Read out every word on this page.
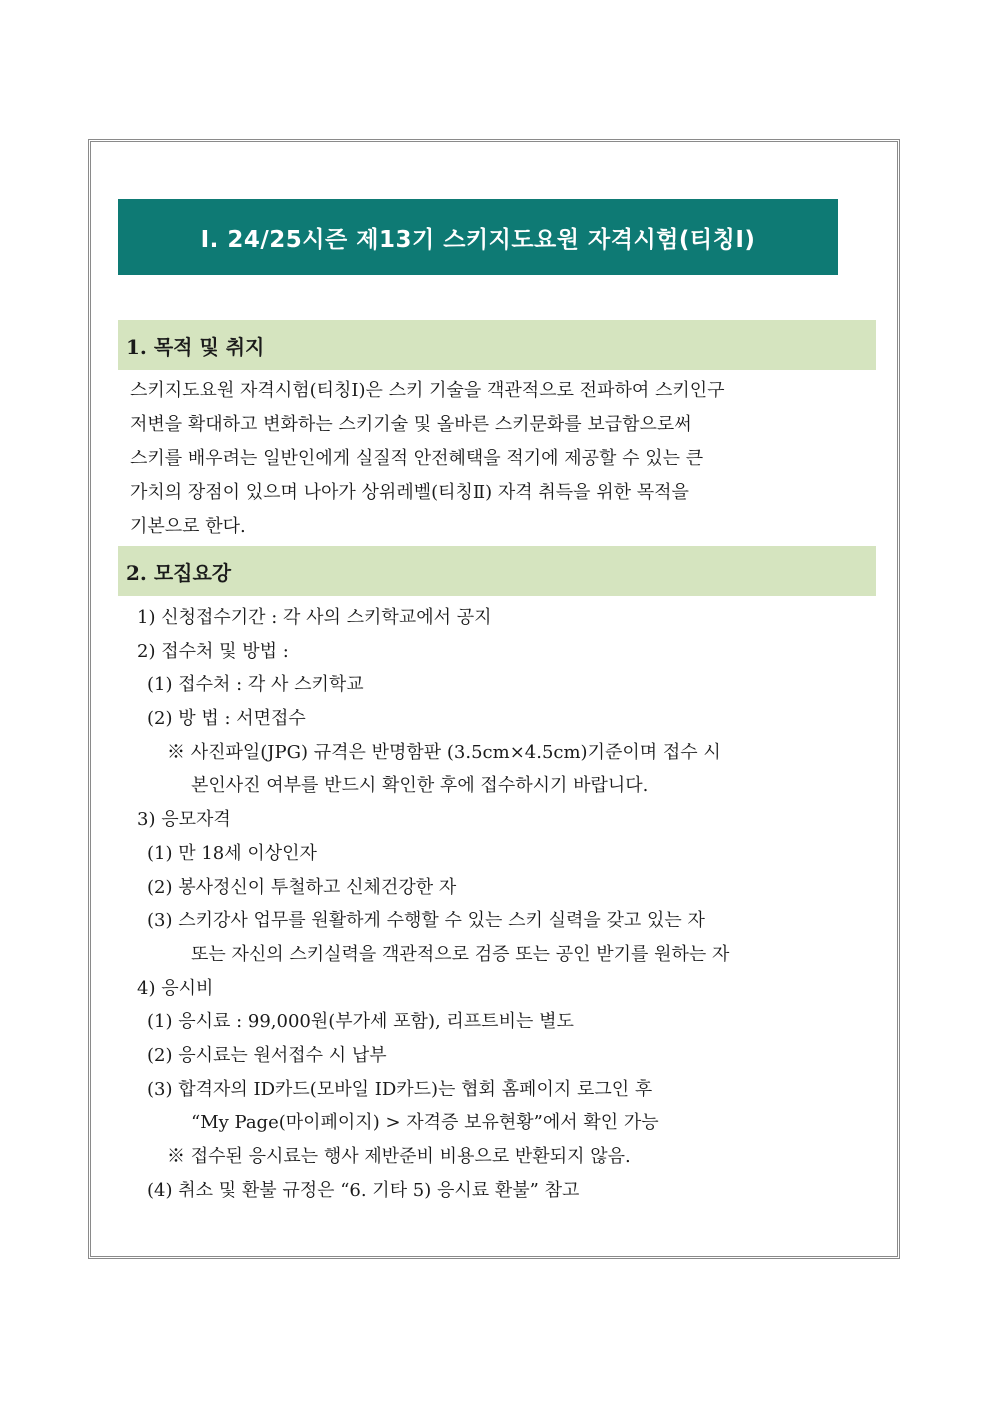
Ⅰ. 24/25시즌 제13기 스키지도요원 자격시험(티칭Ⅰ)
1. 목적 및 취지
스키지도요원 자격시험(티칭Ⅰ)은 스키 기술을 객관적으로 전파하여 스키인구
저변을 확대하고 변화하는 스키기술 및 올바른 스키문화를 보급함으로써
스키를 배우려는 일반인에게 실질적 안전혜택을 적기에 제공할 수 있는 큰
가치의 장점이 있으며 나아가 상위레벨(티칭Ⅱ) 자격 취득을 위한 목적을
기본으로 한다.
2. 모집요강
1) 신청접수기간 : 각 사의 스키학교에서 공지
2) 접수처 및 방법 :
(1) 접수처 : 각 사 스키학교
(2) 방 법 : 서면접수
※ 사진파일(JPG) 규격은 반명함판 (3.5cm×4.5cm)기준이며 접수 시
본인사진 여부를 반드시 확인한 후에 접수하시기 바랍니다.
3) 응모자격
(1) 만 18세 이상인자
(2) 봉사정신이 투철하고 신체건강한 자
(3) 스키강사 업무를 원활하게 수행할 수 있는 스키 실력을 갖고 있는 자
또는 자신의 스키실력을 객관적으로 검증 또는 공인 받기를 원하는 자
4) 응시비
(1) 응시료 : 99,000원(부가세 포함), 리프트비는 별도
(2) 응시료는 원서접수 시 납부
(3) 합격자의 ID카드(모바일 ID카드)는 협회 홈페이지 로그인 후
“My Page(마이페이지) > 자격증 보유현황”에서 확인 가능
※ 접수된 응시료는 행사 제반준비 비용으로 반환되지 않음.
(4) 취소 및 환불 규정은 “6. 기타 5) 응시료 환불” 참고
